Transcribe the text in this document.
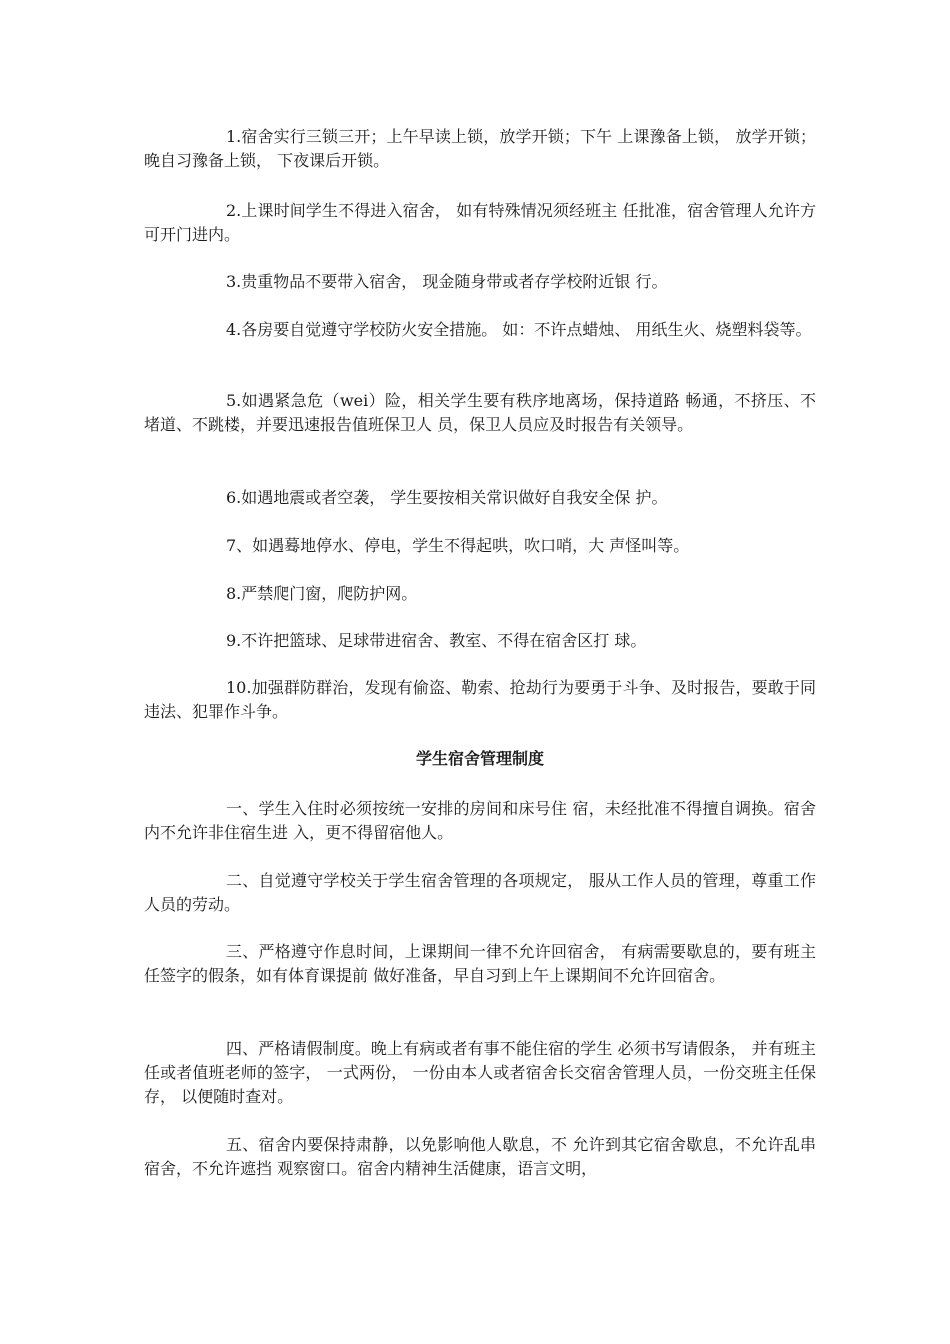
1.宿舍实行三锁三开；上午早读上锁，放学开锁；下午 上课豫备上锁， 放学开锁； 晚自习豫备上锁， 下夜课后开锁。

2.上课时间学生不得进入宿舍， 如有特殊情况须经班主 任批准，宿舍管理人允许方可开门进内。

3.贵重物品不要带入宿舍， 现金随身带或者存学校附近银 行。

4.各房要自觉遵守学校防火安全措施。 如：不许点蜡烛、 用纸生火、烧塑料袋等。

5.如遇紧急危（wei）险，相关学生要有秩序地离场，保持道路 畅通，不挤压、不堵道、不跳楼，并要迅速报告值班保卫人 员，保卫人员应及时报告有关领导。

6.如遇地震或者空袭， 学生要按相关常识做好自我安全保 护。

7、如遇蓦地停水、停电，学生不得起哄，吹口哨，大 声怪叫等。

8.严禁爬门窗，爬防护网。

9.不许把篮球、足球带进宿舍、教室、不得在宿舍区打 球。

10.加强群防群治，发现有偷盗、勒索、抢劫行为要勇于斗争、及时报告，要敢于同违法、犯罪作斗争。

学生宿舍管理制度

一、学生入住时必须按统一安排的房间和床号住 宿，未经批准不得擅自调换。宿舍内不允许非住宿生进 入，更不得留宿他人。

二、自觉遵守学校关于学生宿舍管理的各项规定， 服从工作人员的管理，尊重工作人员的劳动。

三、严格遵守作息时间，上课期间一律不允许回宿舍， 有病需要歇息的，要有班主任签字的假条，如有体育课提前 做好准备，早自习到上午上课期间不允许回宿舍。

四、严格请假制度。晚上有病或者有事不能住宿的学生 必须书写请假条， 并有班主任或者值班老师的签字， 一式两份， 一份由本人或者宿舍长交宿舍管理人员，一份交班主任保存， 以便随时查对。

五、宿舍内要保持肃静，以免影响他人歇息，不 允许到其它宿舍歇息，不允许乱串宿舍，不允许遮挡 观察窗口。宿舍内精神生活健康，语言文明，
